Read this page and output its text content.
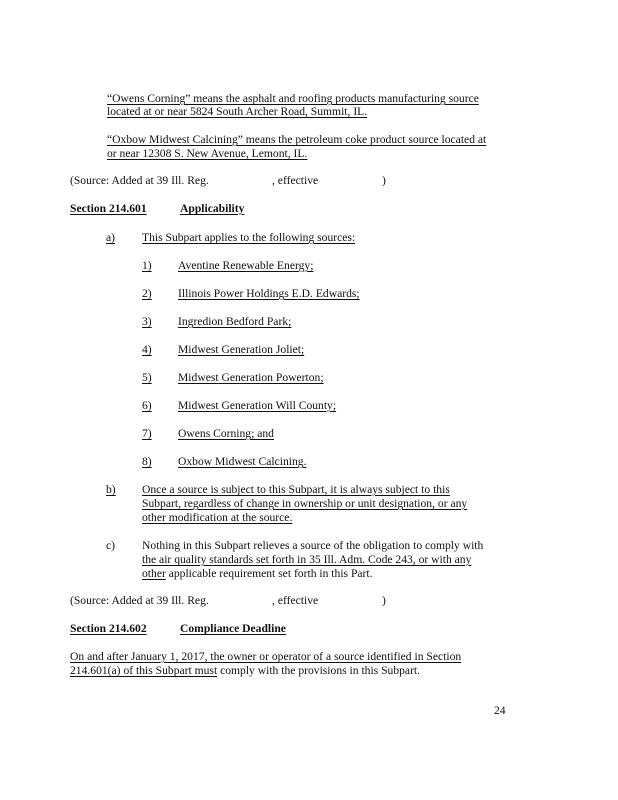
“Owens Corning” means the asphalt and roofing products manufacturing source
located at or near 5824 South Archer Road, Summit, IL.
“Oxbow Midwest Calcining” means the petroleum coke product source located at
or near 12308 S. New Avenue, Lemont, IL.
(Source: Added at 39 Ill. Reg.	, effective	)
Section 214.601	Applicability
a) This Subpart applies to the following sources:
1) Aventine Renewable Energy;
2) Illinois Power Holdings E.D. Edwards;
3) Ingredion Bedford Park;
4) Midwest Generation Joliet;
5) Midwest Generation Powerton;
6) Midwest Generation Will County;
7) Owens Corning; and
8) Oxbow Midwest Calcining.
b) Once a source is subject to this Subpart, it is always subject to this
Subpart, regardless of change in ownership or unit designation, or any
other modification at the source.
c) Nothing in this Subpart relieves a source of the obligation to comply with
the air quality standards set forth in 35 Ill. Adm. Code 243, or with any
other applicable requirement set forth in this Part.
(Source: Added at 39 Ill. Reg.	, effective	)
Section 214.602	Compliance Deadline
On and after January 1, 2017, the owner or operator of a source identified in Section
214.601(a) of this Subpart must comply with the provisions in this Subpart.
24
